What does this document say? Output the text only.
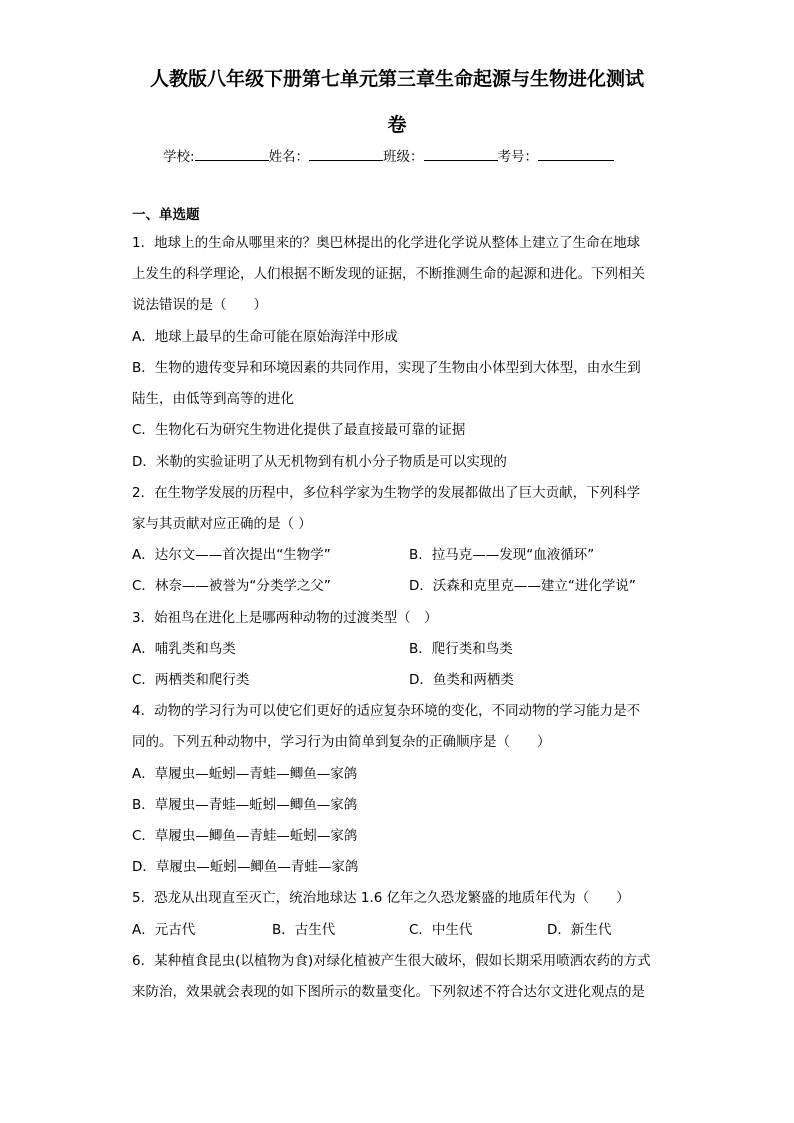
人教版八年级下册第七单元第三章生命起源与生物进化测试
卷
学校:	姓名：	班级：	考号：
一、单选题
1．地球上的生命从哪里来的？奥巴林提出的化学进化学说从整体上建立了生命在地球
上发生的科学理论，人们根据不断发现的证据，不断推测生命的起源和进化。下列相关
说法错误的是（　　）
A．地球上最早的生命可能在原始海洋中形成
B．生物的遗传变异和环境因素的共同作用，实现了生物由小体型到大体型，由水生到
陆生，由低等到高等的进化
C．生物化石为研究生物进化提供了最直接最可靠的证据
D．米勒的实验证明了从无机物到有机小分子物质是可以实现的
2．在生物学发展的历程中，多位科学家为生物学的发展都做出了巨大贡献，下列科学
家与其贡献对应正确的是（ ）
A．达尔文——首次提出“生物学”	B．拉马克——发现“血液循环”
C．林奈——被誉为“分类学之父”	D．沃森和克里克——建立“进化学说”
3．始祖鸟在进化上是哪两种动物的过渡类型（　）
A．哺乳类和鸟类	B．爬行类和鸟类
C．两栖类和爬行类	D．鱼类和两栖类
4．动物的学习行为可以使它们更好的适应复杂环境的变化，不同动物的学习能力是不
同的。下列五种动物中，学习行为由简单到复杂的正确顺序是（　　）
A．草履虫—蚯蚓—青蛙—鲫鱼—家鸽
B．草履虫—青蛙—蚯蚓—鲫鱼—家鸽
C．草履虫—鲫鱼—青蛙—蚯蚓—家鸽
D．草履虫—蚯蚓—鲫鱼—青蛙—家鸽
5．恐龙从出现直至灭亡，统治地球达 1.6 亿年之久恐龙繁盛的地质年代为（　　）
A．元古代	B．古生代	C．中生代	D．新生代
6．某种植食昆虫(以植物为食)对绿化植被产生很大破坏，假如长期采用喷洒农药的方式
来防治，效果就会表现的如下图所示的数量变化。下列叙述不符合达尔文进化观点的是
